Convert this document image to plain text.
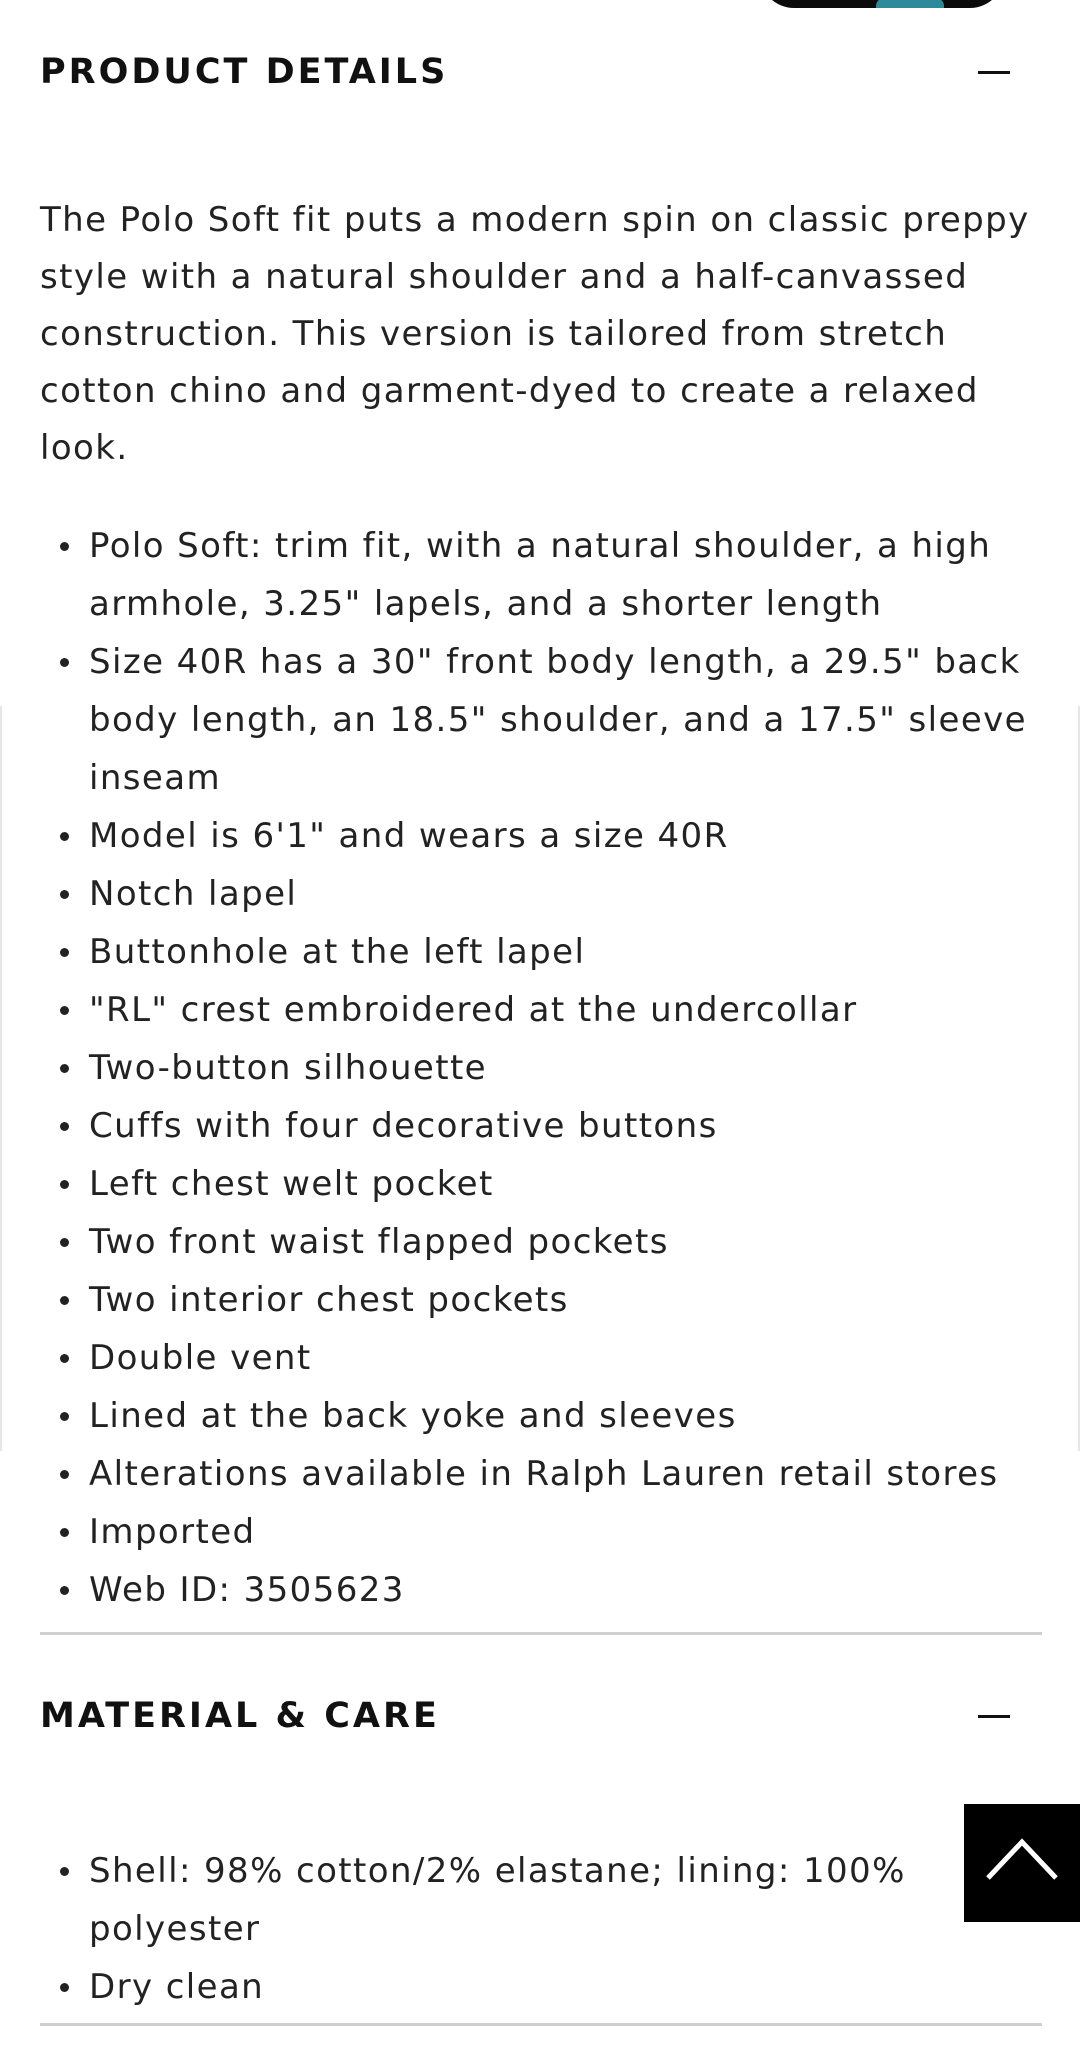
PRODUCT DETAILS

The Polo Soft fit puts a modern spin on classic preppy style with a natural shoulder and a half-canvassed construction. This version is tailored from stretch cotton chino and garment-dyed to create a relaxed look.

Polo Soft: trim fit, with a natural shoulder, a high armhole, 3.25" lapels, and a shorter length
Size 40R has a 30" front body length, a 29.5" back body length, an 18.5" shoulder, and a 17.5" sleeve inseam
Model is 6'1" and wears a size 40R
Notch lapel
Buttonhole at the left lapel
"RL" crest embroidered at the undercollar
Two-button silhouette
Cuffs with four decorative buttons
Left chest welt pocket
Two front waist flapped pockets
Two interior chest pockets
Double vent
Lined at the back yoke and sleeves
Alterations available in Ralph Lauren retail stores
Imported
Web ID: 3505623
MATERIAL & CARE
Shell: 98% cotton/2% elastane; lining: 100% polyester
Dry clean
